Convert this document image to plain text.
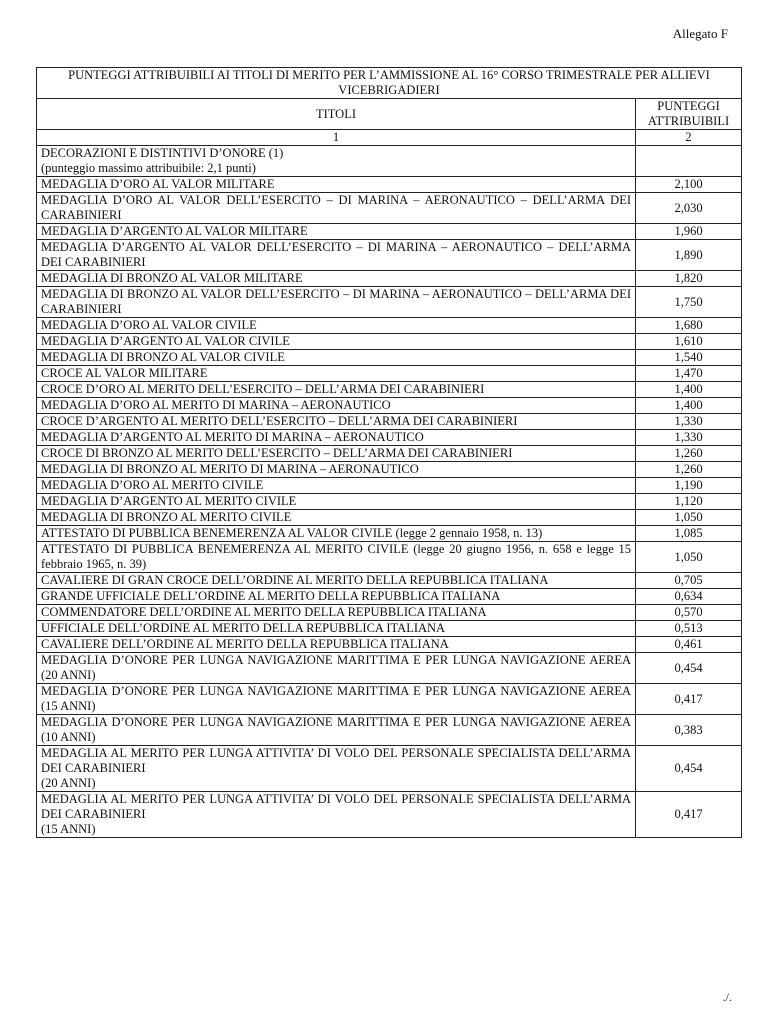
Allegato F
PUNTEGGI ATTRIBUIBILI AI TITOLI DI MERITO PER L’AMMISSIONE AL 16° CORSO TRIMESTRALE PER ALLIEVI VICEBRIGADIERI	
TITOLI	PUNTEGGI ATTRIBUIBILI
1	2

DECORAZIONI E DISTINTIVI D’ONORE (1)
(punteggio massimo attribuibile: 2,1 punti)	

MEDAGLIA D’ORO AL VALOR MILITARE	2,100

MEDAGLIA D’ORO AL VALOR DELL’ESERCITO – DI MARINA – AERONAUTICO – DELL’ARMA DEI CARABINIERI	2,030

MEDAGLIA D’ARGENTO AL VALOR MILITARE	1,960

MEDAGLIA D’ARGENTO AL VALOR DELL’ESERCITO – DI MARINA – AERONAUTICO – DELL’ARMA DEI CARABINIERI	1,890

MEDAGLIA DI BRONZO AL VALOR MILITARE	1,820

MEDAGLIA DI BRONZO AL VALOR DELL’ESERCITO – DI MARINA – AERONAUTICO – DELL’ARMA DEI CARABINIERI	1,750

MEDAGLIA D’ORO AL VALOR CIVILE	1,680

MEDAGLIA D’ARGENTO AL VALOR CIVILE	1,610

MEDAGLIA DI BRONZO AL VALOR CIVILE	1,540

CROCE AL VALOR MILITARE	1,470

CROCE D’ORO AL MERITO DELL’ESERCITO – DELL’ARMA DEI CARABINIERI	1,400

MEDAGLIA D’ORO AL MERITO DI MARINA – AERONAUTICO	1,400

CROCE D’ARGENTO AL MERITO DELL’ESERCITO – DELL’ARMA DEI CARABINIERI	1,330

MEDAGLIA D’ARGENTO AL MERITO DI MARINA – AERONAUTICO	1,330

CROCE DI BRONZO AL MERITO DELL’ESERCITO – DELL’ARMA DEI CARABINIERI	1,260

MEDAGLIA DI BRONZO AL MERITO DI MARINA – AERONAUTICO	1,260

MEDAGLIA D’ORO AL MERITO CIVILE	1,190

MEDAGLIA D’ARGENTO AL MERITO CIVILE	1,120

MEDAGLIA DI BRONZO AL MERITO CIVILE	1,050

ATTESTATO DI PUBBLICA BENEMERENZA AL VALOR CIVILE (legge 2 gennaio 1958, n. 13)	1,085

ATTESTATO DI PUBBLICA BENEMERENZA AL MERITO CIVILE (legge 20 giugno 1956, n. 658 e legge 15 febbraio 1965, n. 39)	1,050

CAVALIERE DI GRAN CROCE DELL’ORDINE AL MERITO DELLA REPUBBLICA ITALIANA	0,705

GRANDE UFFICIALE DELL’ORDINE AL MERITO DELLA REPUBBLICA ITALIANA	0,634

COMMENDATORE DELL’ORDINE AL MERITO DELLA REPUBBLICA ITALIANA	0,570

UFFICIALE DELL’ORDINE AL MERITO DELLA REPUBBLICA ITALIANA	0,513

CAVALIERE DELL’ORDINE AL MERITO DELLA REPUBBLICA ITALIANA	0,461

MEDAGLIA D’ONORE PER LUNGA NAVIGAZIONE MARITTIMA E PER LUNGA NAVIGAZIONE AEREA (20 ANNI)	0,454

MEDAGLIA D’ONORE PER LUNGA NAVIGAZIONE MARITTIMA E PER LUNGA NAVIGAZIONE AEREA (15 ANNI)	0,417

MEDAGLIA D’ONORE PER LUNGA NAVIGAZIONE MARITTIMA E PER LUNGA NAVIGAZIONE AEREA (10 ANNI)	0,383

MEDAGLIA AL MERITO PER LUNGA ATTIVITA’ DI VOLO DEL PERSONALE SPECIALISTA DELL’ARMA DEI CARABINIERI
(20 ANNI)	0,454

MEDAGLIA AL MERITO PER LUNGA ATTIVITA’ DI VOLO DEL PERSONALE SPECIALISTA DELL’ARMA DEI CARABINIERI
(15 ANNI)	0,417
./.
